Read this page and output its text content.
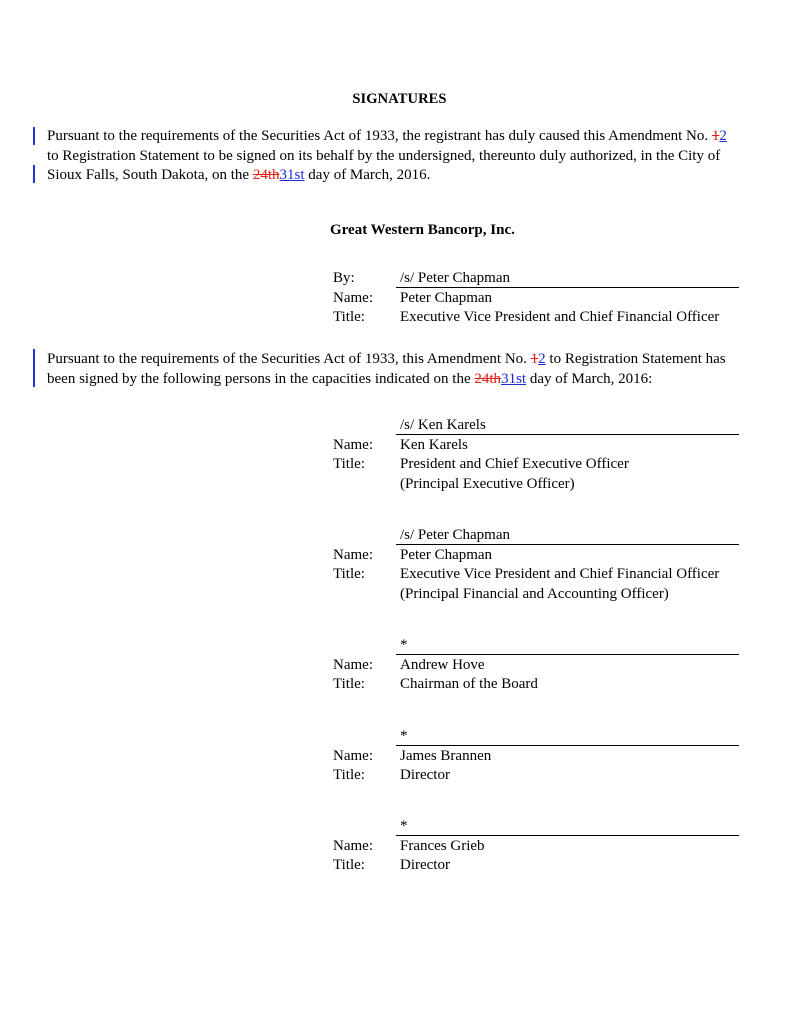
SIGNATURES
Pursuant to the requirements of the Securities Act of 1933, the registrant has duly caused this Amendment No. 12
to Registration Statement to be signed on its behalf by the undersigned, thereunto duly authorized, in the City of
Sioux Falls, South Dakota, on the 24th31st day of March, 2016.
Great Western Bancorp, Inc.
By:	/s/ Peter Chapman
Name: Peter Chapman
Title: Executive Vice President and Chief Financial Officer
Pursuant to the requirements of the Securities Act of 1933, this Amendment No. 12 to Registration Statement has
been signed by the following persons in the capacities indicated on the 24th31st day of March, 2016:
/s/ Ken Karels
Name: Ken Karels
Title: President and Chief Executive Officer
(Principal Executive Officer)
/s/ Peter Chapman
Name: Peter Chapman
Title: Executive Vice President and Chief Financial Officer
(Principal Financial and Accounting Officer)
*
Name: Andrew Hove
Title: Chairman of the Board
*
Name: James Brannen
Title: Director
*
Name: Frances Grieb
Title: Director
